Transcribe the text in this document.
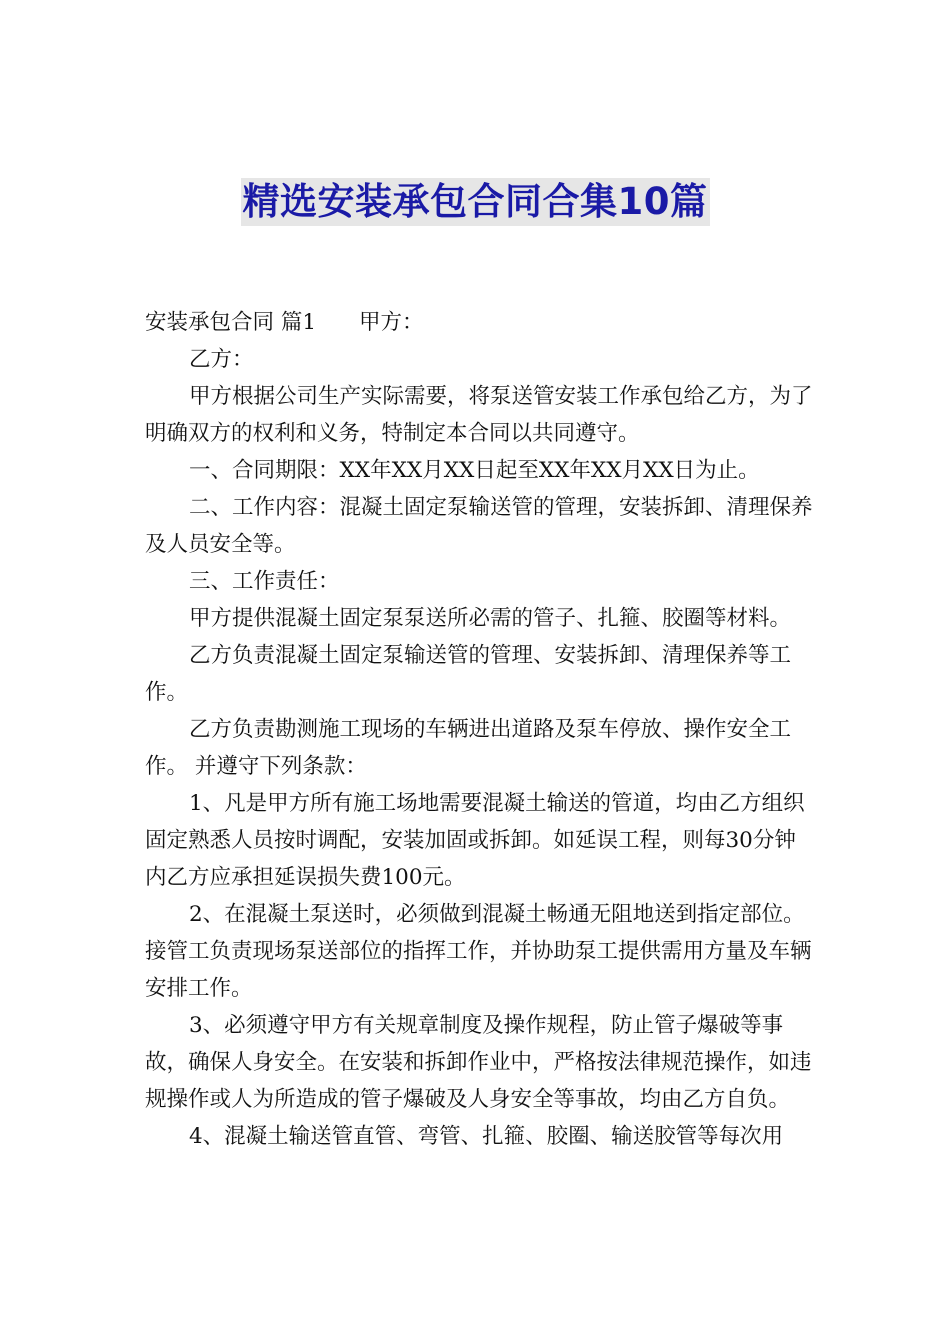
精选安装承包合同合集10篇

安装承包合同 篇1　　甲方：

乙方：

甲方根据公司生产实际需要，将泵送管安装工作承包给乙方，为了明确双方的权利和义务，特制定本合同以共同遵守。

一、合同期限：XX年XX月XX日起至XX年XX月XX日为止。

二、工作内容：混凝土固定泵输送管的管理，安装拆卸、清理保养及人员安全等。

三、工作责任：

甲方提供混凝土固定泵泵送所必需的管子、扎箍、胶圈等材料。

乙方负责混凝土固定泵输送管的管理、安装拆卸、清理保养等工作。

乙方负责勘测施工现场的车辆进出道路及泵车停放、操作安全工作。 并遵守下列条款：

1、凡是甲方所有施工场地需要混凝土输送的管道，均由乙方组织固定熟悉人员按时调配，安装加固或拆卸。如延误工程，则每30分钟内乙方应承担延误损失费100元。

2、在混凝土泵送时，必须做到混凝土畅通无阻地送到指定部位。接管工负责现场泵送部位的指挥工作，并协助泵工提供需用方量及车辆安排工作。

3、必须遵守甲方有关规章制度及操作规程，防止管子爆破等事故，确保人身安全。在安装和拆卸作业中，严格按法律规范操作，如违规操作或人为所造成的管子爆破及人身安全等事故，均由乙方自负。

4、混凝土输送管直管、弯管、扎箍、胶圈、输送胶管等每次用
